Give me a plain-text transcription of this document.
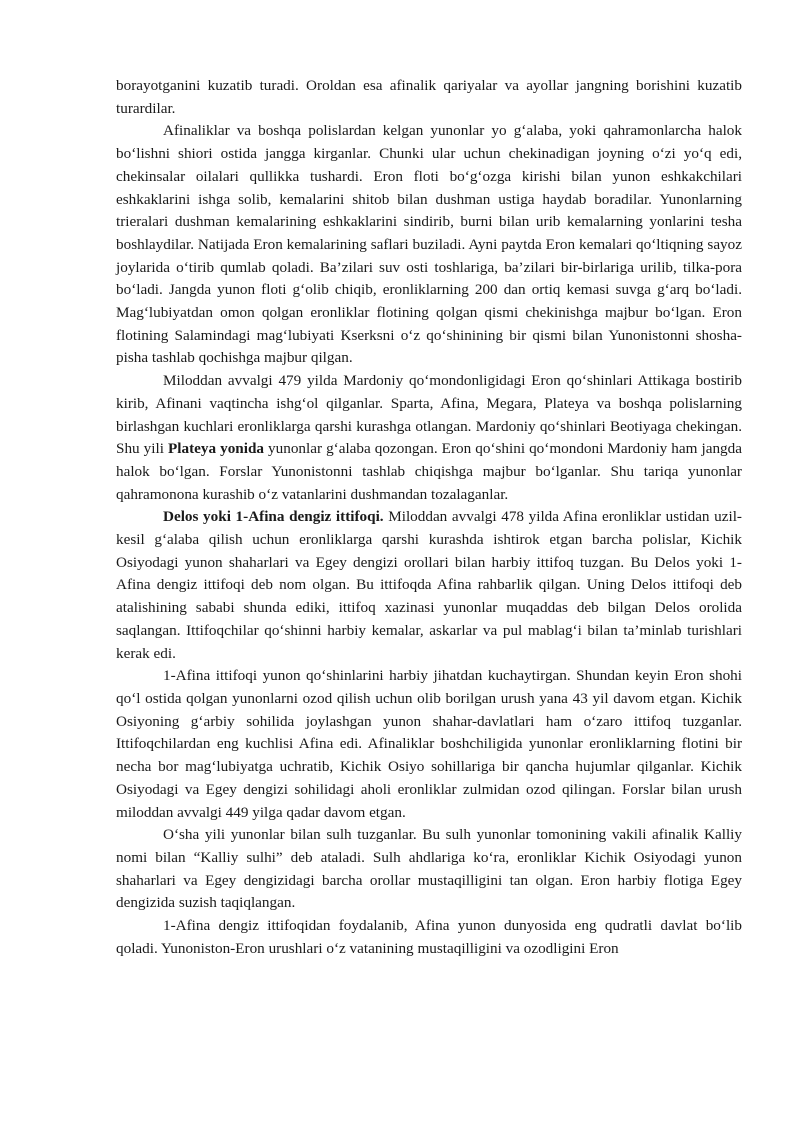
borayotganini kuzatib turadi. Oroldan esa afinalik qariyalar va ayollar jangning borishini kuzatib turardilar.

Afinaliklar va boshqa polislardan kelgan yunonlar yo g‘alaba, yoki qahramonlarcha halok bo‘lishni shiori ostida jangga kirganlar. Chunki ular uchun chekinadigan joyning o‘zi yo‘q edi, chekinsalar oilalari qullikka tushardi. Eron floti bo‘g‘ozga kirishi bilan yunon eshkakchilari eshkaklarini ishga solib, kemalarini shitob bilan dushman ustiga haydab boradilar. Yunonlarning trieralari dushman kemalarining eshkaklarini sindirib, burni bilan urib kemalarning yonlarini tesha boshlaydilar. Natijada Eron kemalarining saflari buziladi. Ayni paytda Eron kemalari qo‘ltiqning sayoz joylarida o‘tirib qumlab qoladi. Ba’zilari suv osti toshlariga, ba’zilari bir-birlariga urilib, tilka-pora bo‘ladi. Jangda yunon floti g‘olib chiqib, eronliklarning 200 dan ortiq kemasi suvga g‘arq bo‘ladi. Mag‘lubiyatdan omon qolgan eronliklar flotining qolgan qismi chekinishga majbur bo‘lgan. Eron flotining Salamindagi mag‘lubiyati Kserksni o‘z qo‘shinining bir qismi bilan Yunonistonni shosha-pisha tashlab qochishga majbur qilgan.

Miloddan avvalgi 479 yilda Mardoniy qo‘mondonligidagi Eron qo‘shinlari Attikaga bostirib kirib, Afinani vaqtincha ishg‘ol qilganlar. Sparta, Afina, Megara, Plateya va boshqa polislarning birlashgan kuchlari eronliklarga qarshi kurashga otlangan. Mardoniy qo‘shinlari Beotiyaga chekingan. Shu yili Plateya yonida yunonlar g‘alaba qozongan. Eron qo‘shini qo‘mondoni Mardoniy ham jangda halok bo‘lgan. Forslar Yunonistonni tashlab chiqishga majbur bo‘lganlar. Shu tariqa yunonlar qahramonona kurashib o‘z vatanlarini dushmandan tozalaganlar.

Delos yoki 1-Afina dengiz ittifoqi. Miloddan avvalgi 478 yilda Afina eronliklar ustidan uzil-kesil g‘alaba qilish uchun eronliklarga qarshi kurashda ishtirok etgan barcha polislar, Kichik Osiyodagi yunon shaharlari va Egey dengizi orollari bilan harbiy ittifoq tuzgan. Bu Delos yoki 1-Afina dengiz ittifoqi deb nom olgan. Bu ittifoqda Afina rahbarlik qilgan. Uning Delos ittifoqi deb atalishining sababi shunda ediki, ittifoq xazinasi yunonlar muqaddas deb bilgan Delos orolida saqlangan. Ittifoqchilar qo‘shinni harbiy kemalar, askarlar va pul mablag‘i bilan ta’minlab turishlari kerak edi.

1-Afina ittifoqi yunon qo‘shinlarini harbiy jihatdan kuchaytirgan. Shundan keyin Eron shohi qo‘l ostida qolgan yunonlarni ozod qilish uchun olib borilgan urush yana 43 yil davom etgan. Kichik Osiyoning g‘arbiy sohilida joylashgan yunon shahar-davlatlari ham o‘zaro ittifoq tuzganlar. Ittifoqchilardan eng kuchlisi Afina edi. Afinaliklar boshchiligida yunonlar eronliklarning flotini bir necha bor mag‘lubiyatga uchratib, Kichik Osiyo sohillariga bir qancha hujumlar qilganlar. Kichik Osiyodagi va Egey dengizi sohilidagi aholi eronliklar zulmidan ozod qilingan. Forslar bilan urush miloddan avvalgi 449 yilga qadar davom etgan.

O‘sha yili yunonlar bilan sulh tuzganlar. Bu sulh yunonlar tomonining vakili afinalik Kalliy nomi bilan “Kalliy sulhi” deb ataladi. Sulh ahdlariga ko‘ra, eronliklar Kichik Osiyodagi yunon shaharlari va Egey dengizidagi barcha orollar mustaqilligini tan olgan. Eron harbiy flotiga Egey dengizida suzish taqiqlangan.

1-Afina dengiz ittifoqidan foydalanib, Afina yunon dunyosida eng qudratli davlat bo‘lib qoladi. Yunoniston-Eron urushlari o‘z vatanining mustaqilligini va ozodligini Eron
